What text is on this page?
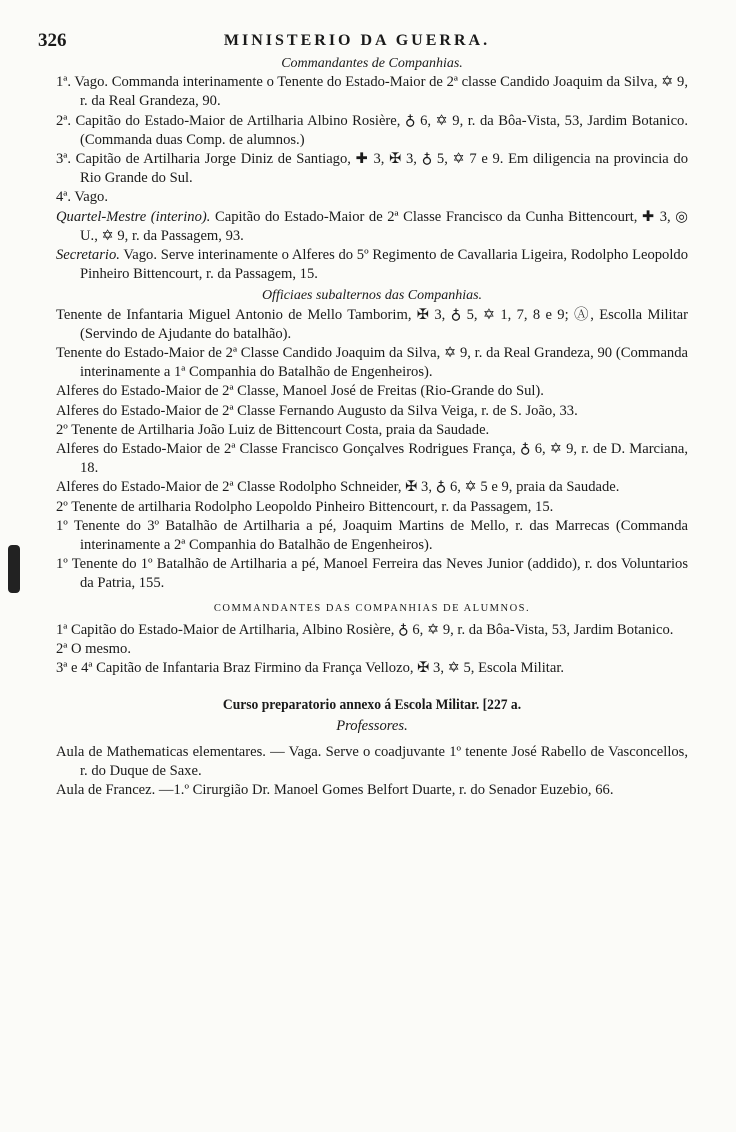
326	MINISTERIO DA GUERRA.

Commandantes de Companhias.

1ª. Vago. Commanda interinamente o Tenente do Estado-Maior de 2ª classe Candido Joaquim da Silva, ✡ 9, r. da Real Grandeza, 90.

2ª. Capitão do Estado-Maior de Artilharia Albino Rosière, ♁ 6, ✡ 9, r. da Bôa-Vista, 53, Jardim Botanico. (Commanda duas Comp. de alumnos.)

3ª. Capitão de Artilharia Jorge Diniz de Santiago, ✚ 3, ✠ 3, ♁ 5, ✡ 7 e 9. Em diligencia na provincia do Rio Grande do Sul.

4ª. Vago.

Quartel-Mestre (interino). Capitão do Estado-Maior de 2ª Classe Francisco da Cunha Bittencourt, ✚ 3, ◎ U., ✡ 9, r. da Passagem, 93.

Secretario. Vago. Serve interinamente o Alferes do 5º Regimento de Cavallaria Ligeira, Rodolpho Leopoldo Pinheiro Bittencourt, r. da Passagem, 15.

Officiaes subalternos das Companhias.

Tenente de Infantaria Miguel Antonio de Mello Tamborim, ✠ 3, ♁ 5, ✡ 1, 7, 8 e 9; Ⓐ, Escolla Militar (Servindo de Ajudante do batalhão).

Tenente do Estado-Maior de 2ª Classe Candido Joaquim da Silva, ✡ 9, r. da Real Grandeza, 90 (Commanda interinamente a 1ª Companhia do Batalhão de Engenheiros).

Alferes do Estado-Maior de 2ª Classe, Manoel José de Freitas (Rio-Grande do Sul).

Alferes do Estado-Maior de 2ª Classe Fernando Augusto da Silva Veiga, r. de S. João, 33.

2º Tenente de Artilharia João Luiz de Bittencourt Costa, praia da Saudade.

Alferes do Estado-Maior de 2ª Classe Francisco Gonçalves Rodrigues França, ♁ 6, ✡ 9, r. de D. Marciana, 18.

Alferes do Estado-Maior de 2ª Classe Rodolpho Schneider, ✠ 3, ♁ 6, ✡ 5 e 9, praia da Saudade.

2º Tenente de artilharia Rodolpho Leopoldo Pinheiro Bittencourt, r. da Passagem, 15.

1º Tenente do 3º Batalhão de Artilharia a pé, Joaquim Martins de Mello, r. das Marrecas (Commanda interinamente a 2ª Companhia do Batalhão de Engenheiros).

1º Tenente do 1º Batalhão de Artilharia a pé, Manoel Ferreira das Neves Junior (addido), r. dos Voluntarios da Patria, 155.

COMMANDANTES DAS COMPANHIAS DE ALUMNOS.

1ª Capitão do Estado-Maior de Artilharia, Albino Rosière, ♁ 6, ✡ 9, r. da Bôa-Vista, 53, Jardim Botanico.

2ª O mesmo.

3ª e 4ª Capitão de Infantaria Braz Firmino da França Vellozo, ✠ 3, ✡ 5, Escola Militar.

Curso preparatorio annexo á Escola Militar. [227 a.

Professores.

Aula de Mathematicas elementares. — Vaga. Serve o coadjuvante 1º tenente José Rabello de Vasconcellos, r. do Duque de Saxe.

Aula de Francez. —1.º Cirurgião Dr. Manoel Gomes Belfort Duarte, r. do Senador Euzebio, 66.
